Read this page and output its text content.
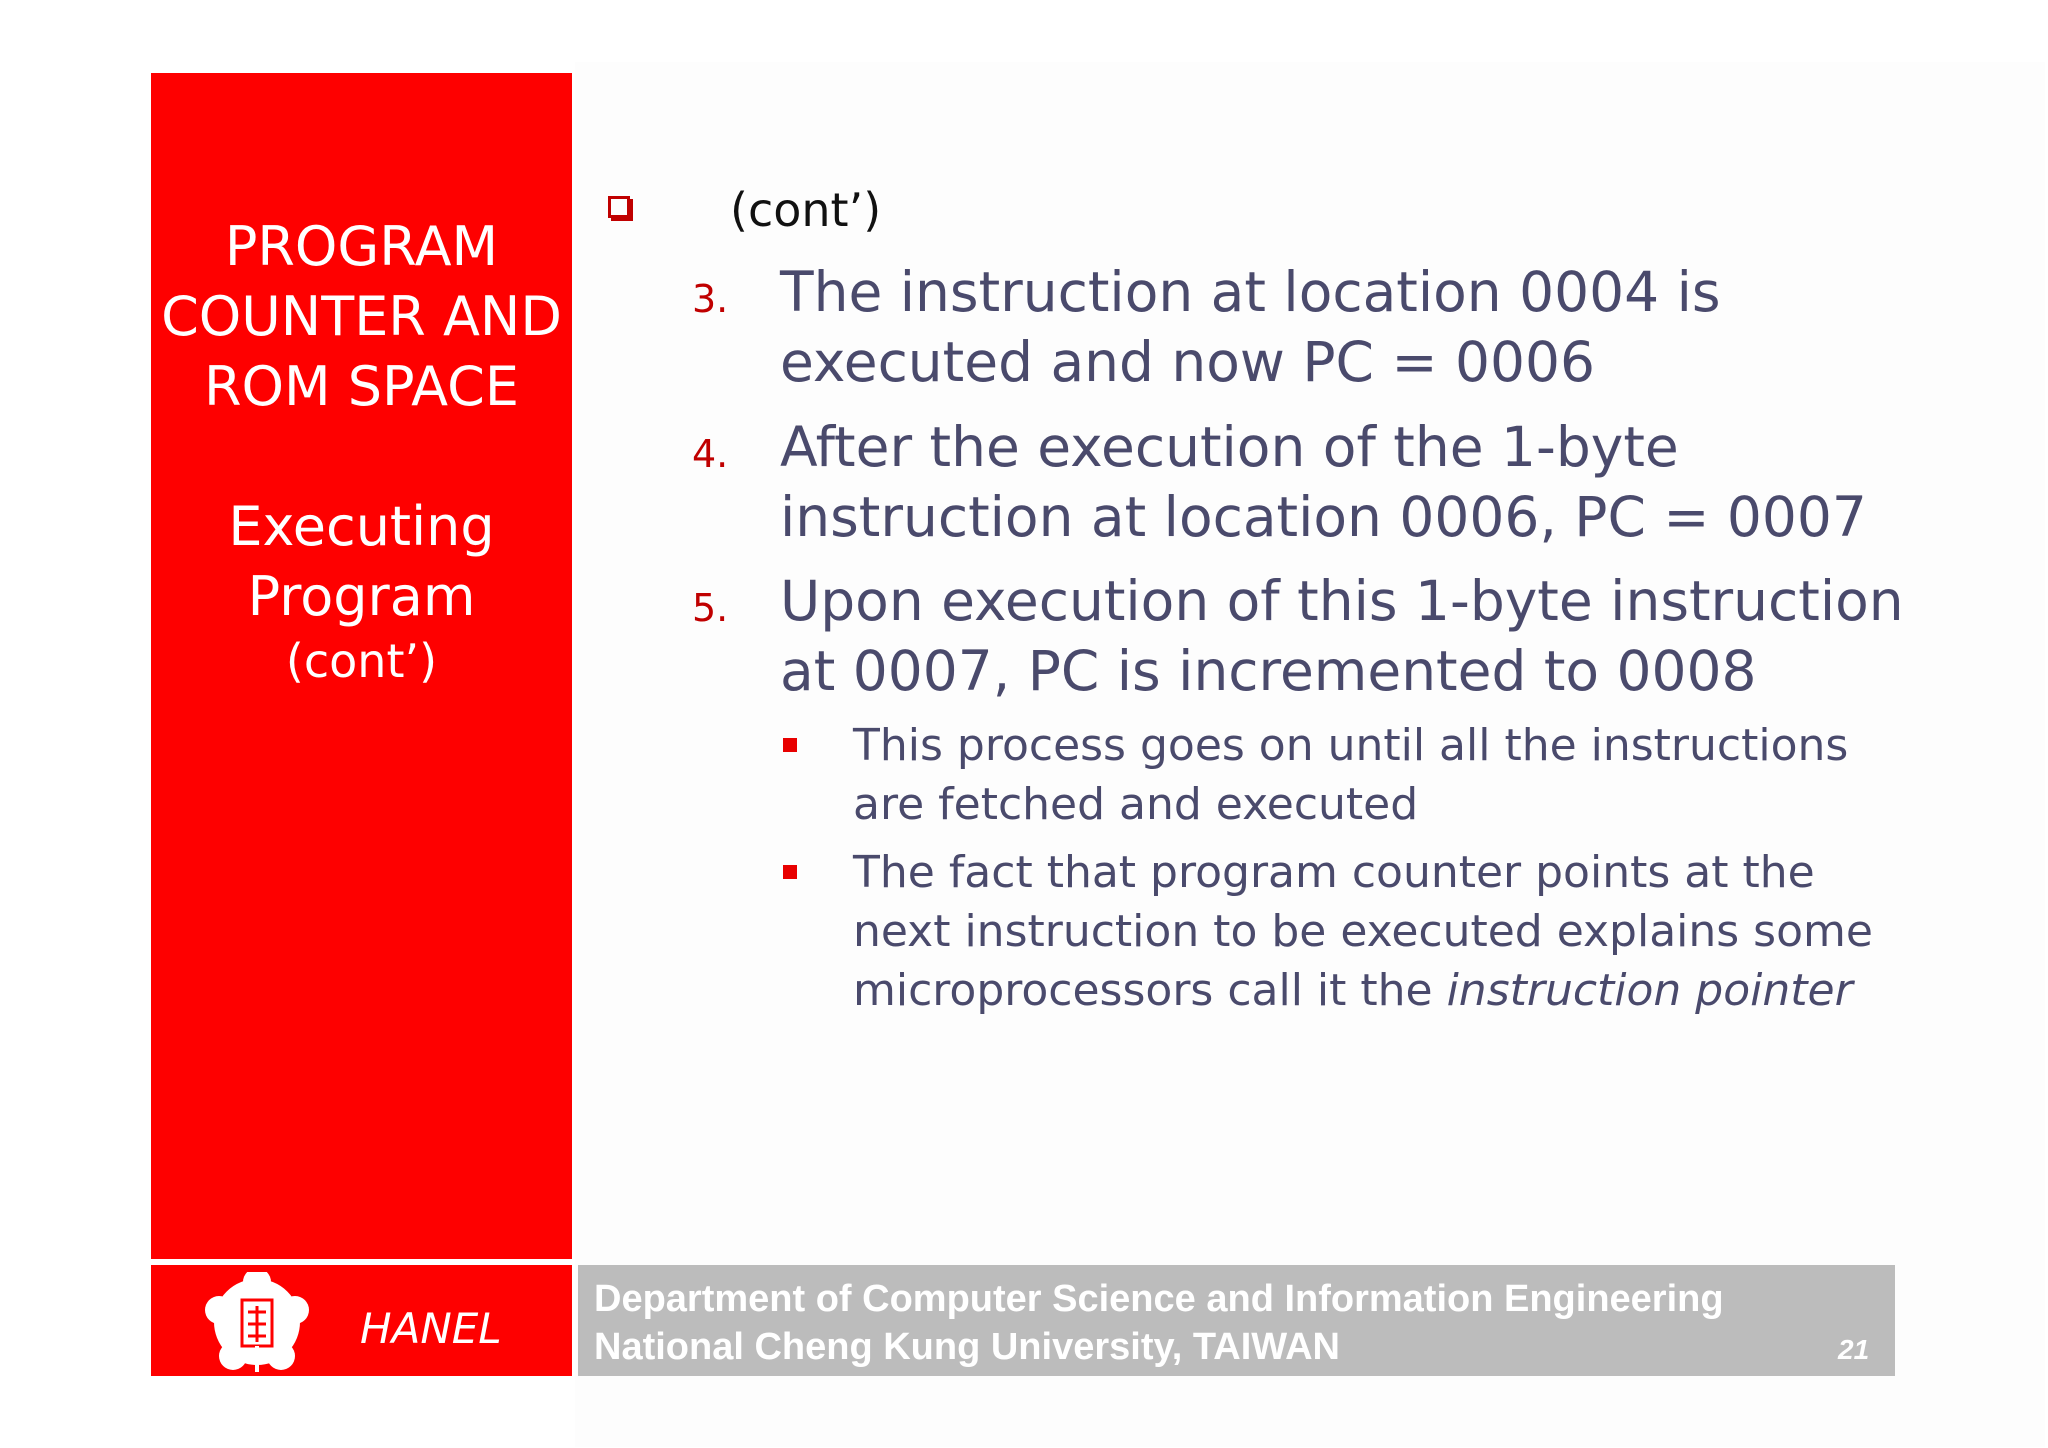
PROGRAM
COUNTER AND
ROM SPACE
Executing
Program
(cont’)
(cont’)
3. The instruction at location 0004 is
executed and now PC = 0006
4. After the execution of the 1-byte
instruction at location 0006, PC = 0007
5. Upon execution of this 1-byte instruction
at 0007, PC is incremented to 0008
This process goes on until all the instructions
are fetched and executed
The fact that program counter points at the
next instruction to be executed explains some
microprocessors call it the instruction pointer
HANEL
Department of Computer Science and Information Engineering
National Cheng Kung University, TAIWAN	21
